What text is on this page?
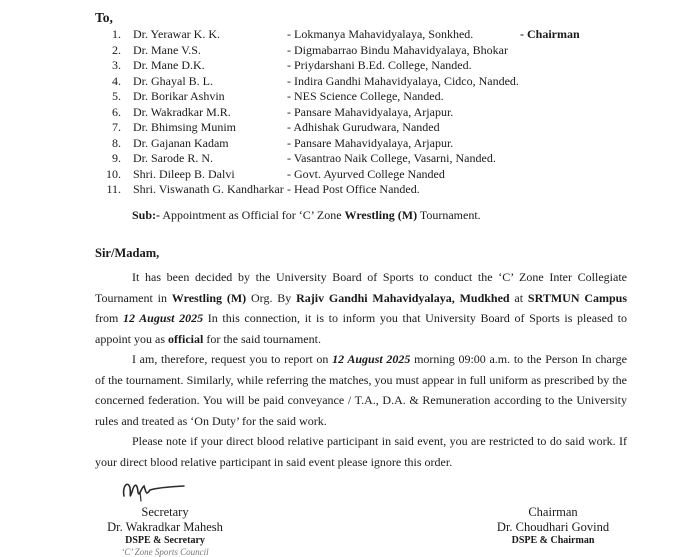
To,
1. Dr. Yerawar K. K.	- Lokmanya Mahavidyalaya, Sonkhed.	- Chairman
2. Dr. Mane V.S.	- Digmabarrao Bindu Mahavidyalaya, Bhokar
3. Dr. Mane D.K.	- Priydarshani B.Ed. College, Nanded.
4. Dr. Ghayal B. L.	- Indira Gandhi Mahavidyalaya, Cidco, Nanded.
5. Dr. Borikar Ashvin	- NES Science College, Nanded.
6. Dr. Wakradkar M.R.	- Pansare Mahavidyalaya, Arjapur.
7. Dr. Bhimsing Munim	- Adhishak Gurudwara, Nanded
8. Dr. Gajanan Kadam	- Pansare Mahavidyalaya, Arjapur.
9. Dr. Sarode R. N.	- Vasantrao Naik College, Vasarni, Nanded.
10. Shri. Dileep B. Dalvi	- Govt. Ayurved College Nanded
11. Shri. Viswanath G. Kandharkar - Head Post Office Nanded.
Sub:- Appointment as Official for ‘C’ Zone Wrestling (M) Tournament.
Sir/Madam,

It has been decided by the University Board of Sports to conduct the ‘C’ Zone Inter Collegiate Tournament in Wrestling (M) Org. By Rajiv Gandhi Mahavidyalaya, Mudkhed at SRTMUN Campus from 12 August 2025 In this connection, it is to inform you that University Board of Sports is pleased to appoint you as official for the said tournament.

I am, therefore, request you to report on 12 August 2025 morning 09:00 a.m. to the Person In charge of the tournament. Similarly, while referring the matches, you must appear in full uniform as prescribed by the concerned federation. You will be paid conveyance / T.A., D.A. & Remuneration according to the University rules and treated as ‘On Duty’ for the said work.

Please note if your direct blood relative participant in said event, you are restricted to do said work. If your direct blood relative participant in said event please ignore this order.

Secretary
Dr. Wakradkar Mahesh
DSPE & Secretary
‘C’ Zone Sports Council
Chairman
Dr. Choudhari Govind
DSPE & Chairman
